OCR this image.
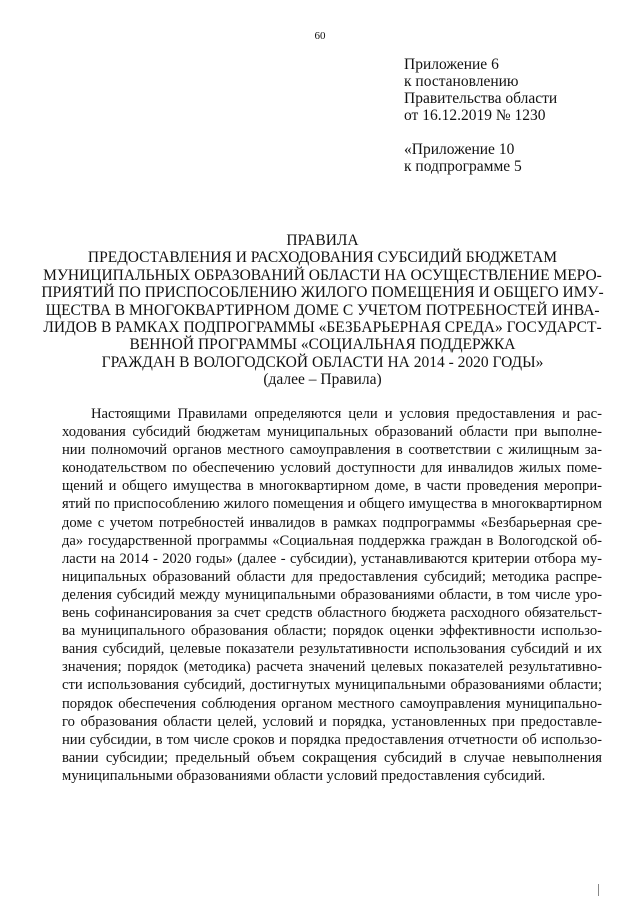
60
Приложение 6
к постановлению
Правительства области
от 16.12.2019 № 1230
«Приложение 10
к подпрограмме 5
ПРАВИЛА
ПРЕДОСТАВЛЕНИЯ И РАСХОДОВАНИЯ СУБСИДИЙ БЮДЖЕТАМ
МУНИЦИПАЛЬНЫХ ОБРАЗОВАНИЙ ОБЛАСТИ НА ОСУЩЕСТВЛЕНИЕ МЕРО-
ПРИЯТИЙ ПО ПРИСПОСОБЛЕНИЮ ЖИЛОГО ПОМЕЩЕНИЯ И ОБЩЕГО ИМУ-
ЩЕСТВА В МНОГОКВАРТИРНОМ ДОМЕ С УЧЕТОМ ПОТРЕБНОСТЕЙ ИНВА-
ЛИДОВ В РАМКАХ ПОДПРОГРАММЫ «БЕЗБАРЬЕРНАЯ СРЕДА» ГОСУДАРСТ-
ВЕННОЙ ПРОГРАММЫ «СОЦИАЛЬНАЯ ПОДДЕРЖКА
ГРАЖДАН В ВОЛОГОДСКОЙ ОБЛАСТИ НА 2014 - 2020 ГОДЫ»
(далее – Правила)
Настоящими Правилами определяются цели и условия предоставления и рас-
ходования субсидий бюджетам муниципальных образований области при выполне-
нии полномочий органов местного самоуправления в соответствии с жилищным за-
конодательством по обеспечению условий доступности для инвалидов жилых поме-
щений и общего имущества в многоквартирном доме, в части проведения меропри-
ятий по приспособлению жилого помещения и общего имущества в многоквартирном
доме с учетом потребностей инвалидов в рамках подпрограммы «Безбарьерная сре-
да» государственной программы «Социальная поддержка граждан в Вологодской об-
ласти на 2014 - 2020 годы» (далее - субсидии), устанавливаются критерии отбора му-
ниципальных образований области для предоставления субсидий; методика распре-
деления субсидий между муниципальными образованиями области, в том числе уро-
вень софинансирования за счет средств областного бюджета расходного обязательст-
ва муниципального образования области; порядок оценки эффективности использо-
вания субсидий, целевые показатели результативности использования субсидий и их
значения; порядок (методика) расчета значений целевых показателей результативно-
сти использования субсидий, достигнутых муниципальными образованиями области;
порядок обеспечения соблюдения органом местного самоуправления муниципально-
го образования области целей, условий и порядка, установленных при предоставле-
нии субсидии, в том числе сроков и порядка предоставления отчетности об использо-
вании субсидии; предельный объем сокращения субсидий в случае невыполнения
муниципальными образованиями области условий предоставления субсидий.
